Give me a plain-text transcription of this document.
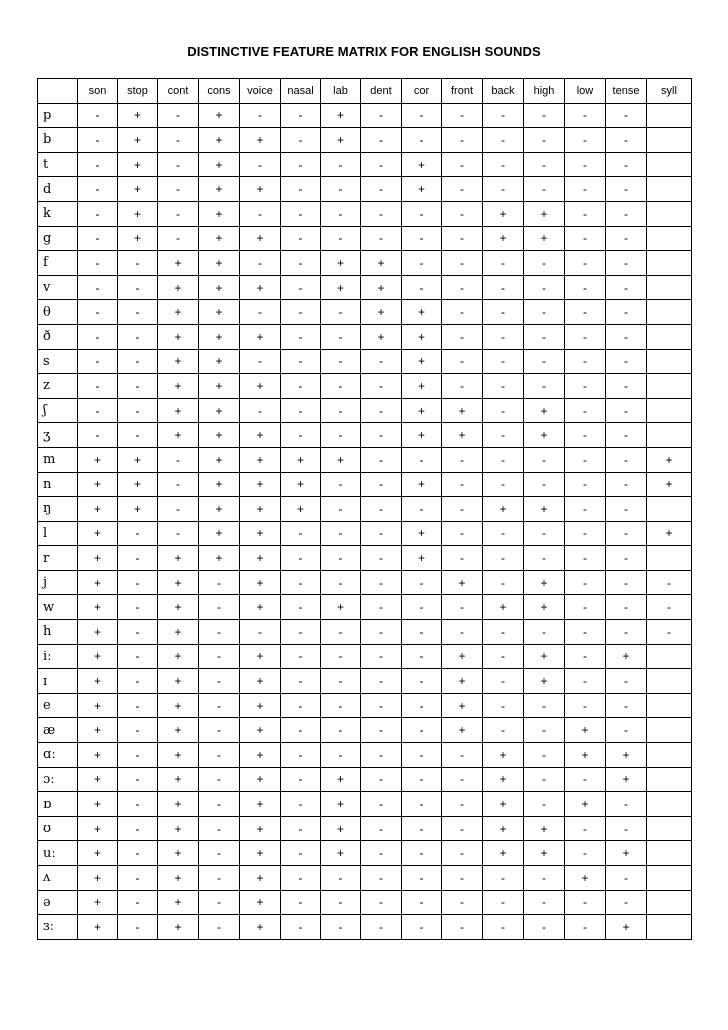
DISTINCTIVE FEATURE MATRIX FOR ENGLISH SOUNDS
	son	stop	cont	cons	voice	nasal	lab	dent	cor	front	back	high	low	tense	syll
p	-	+	-	+	-	-	+	-	-	-	-	-	-	-	
b	-	+	-	+	+	-	+	-	-	-	-	-	-	-	
t	-	+	-	+	-	-	-	-	+	-	-	-	-	-	
d	-	+	-	+	+	-	-	-	+	-	-	-	-	-	
k	-	+	-	+	-	-	-	-	-	-	+	+	-	-	
g	-	+	-	+	+	-	-	-	-	-	+	+	-	-	
f	-	-	+	+	-	-	+	+	-	-	-	-	-	-	
v	-	-	+	+	+	-	+	+	-	-	-	-	-	-	
θ	-	-	+	+	-	-	-	+	+	-	-	-	-	-	
ð	-	-	+	+	+	-	-	+	+	-	-	-	-	-	
s	-	-	+	+	-	-	-	-	+	-	-	-	-	-	
z	-	-	+	+	+	-	-	-	+	-	-	-	-	-	
ʃ	-	-	+	+	-	-	-	-	+	+	-	+	-	-	
ʒ	-	-	+	+	+	-	-	-	+	+	-	+	-	-	
m	+	+	-	+	+	+	+	-	-	-	-	-	-	-	+
n	+	+	-	+	+	+	-	-	+	-	-	-	-	-	+
ŋ	+	+	-	+	+	+	-	-	-	-	+	+	-	-	
l	+	-	-	+	+	-	-	-	+	-	-	-	-	-	+
r	+	-	+	+	+	-	-	-	+	-	-	-	-	-	
j	+	-	+	-	+	-	-	-	-	+	-	+	-	-	-
w	+	-	+	-	+	-	+	-	-	-	+	+	-	-	-
h	+	-	+	-	-	-	-	-	-	-	-	-	-	-	-
iː	+	-	+	-	+	-	-	-	-	+	-	+	-	+	
ɪ	+	-	+	-	+	-	-	-	-	+	-	+	-	-	
e	+	-	+	-	+	-	-	-	-	+	-	-	-	-	
æ	+	-	+	-	+	-	-	-	-	+	-	-	+	-	
ɑː	+	-	+	-	+	-	-	-	-	-	+	-	+	+	
ɔː	+	-	+	-	+	-	+	-	-	-	+	-	-	+	
ɒ	+	-	+	-	+	-	+	-	-	-	+	-	+	-	
ʊ	+	-	+	-	+	-	+	-	-	-	+	+	-	-	
uː	+	-	+	-	+	-	+	-	-	-	+	+	-	+	
ʌ	+	-	+	-	+	-	-	-	-	-	-	-	+	-	
ə	+	-	+	-	+	-	-	-	-	-	-	-	-	-	
ɜː	+	-	+	-	+	-	-	-	-	-	-	-	-	+	
